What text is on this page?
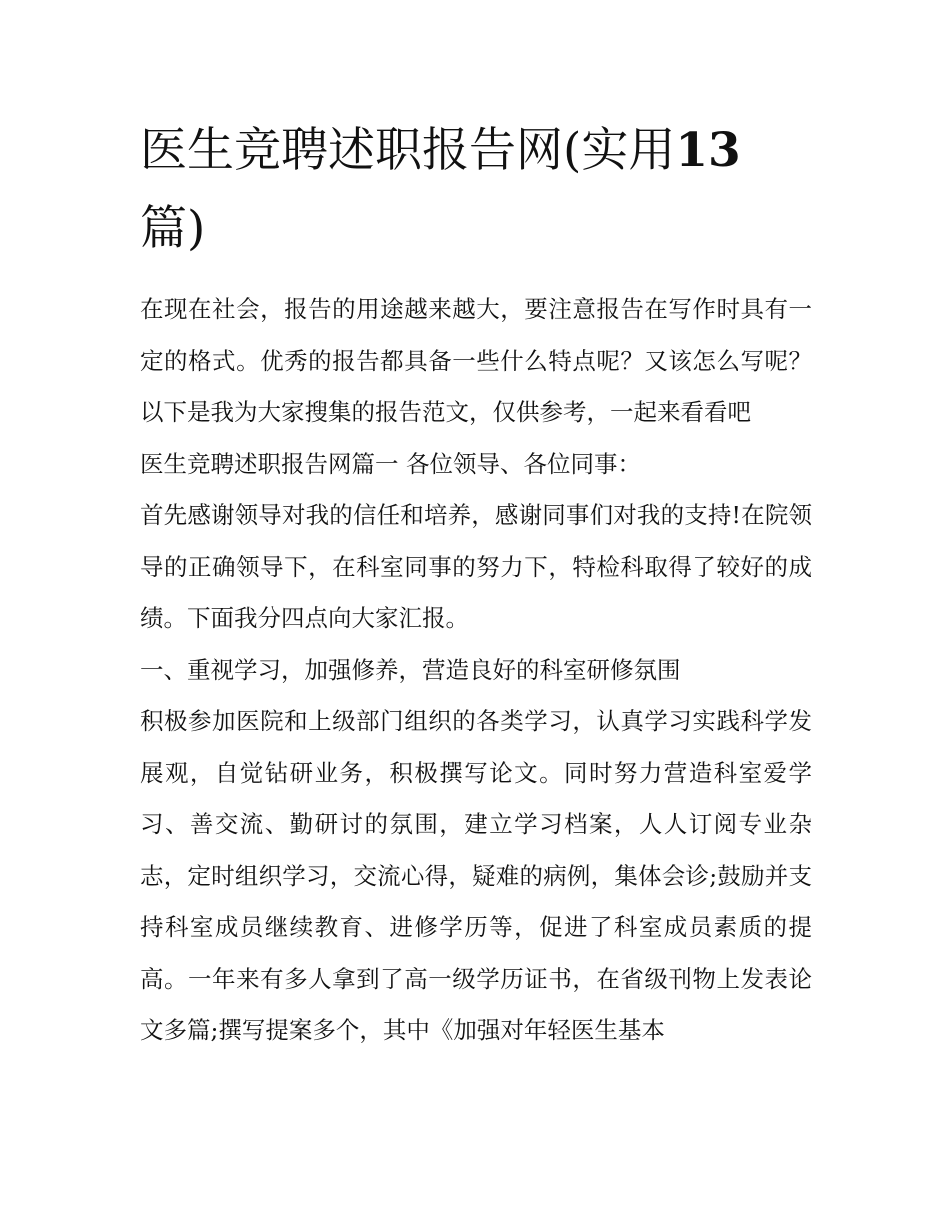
医生竞聘述职报告网(实用13
篇)

在现在社会，报告的用途越来越大，要注意报告在写作时具有一定的格式。优秀的报告都具备一些什么特点呢？又该怎么写呢？以下是我为大家搜集的报告范文，仅供参考，一起来看看吧

医生竞聘述职报告网篇一 各位领导、各位同事：

首先感谢领导对我的信任和培养，感谢同事们对我的支持!在院领导的正确领导下，在科室同事的努力下，特检科取得了较好的成绩。下面我分四点向大家汇报。

一、重视学习，加强修养，营造良好的科室研修氛围

积极参加医院和上级部门组织的各类学习，认真学习实践科学发展观，自觉钻研业务，积极撰写论文。同时努力营造科室爱学习、善交流、勤研讨的氛围，建立学习档案，人人订阅专业杂志，定时组织学习，交流心得，疑难的病例，集体会诊;鼓励并支持科室成员继续教育、进修学历等，促进了科室成员素质的提高。一年来有多人拿到了高一级学历证书，在省级刊物上发表论文多篇;撰写提案多个，其中《加强对年轻医生基本
